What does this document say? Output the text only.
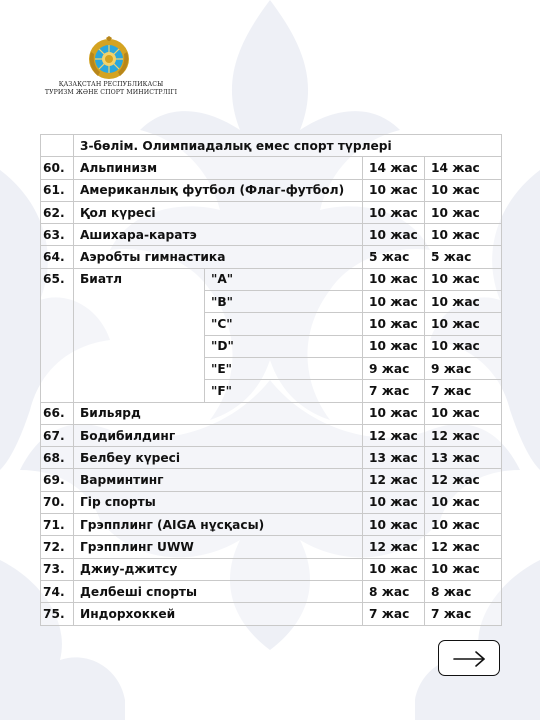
ҚАЗАҚСТАН РЕСПУБЛИКАСЫ
ТУРИЗМ ЖӘНЕ СПОРТ МИНИСТРЛІГІ
	3-бөлім. Олимпиадалық емес спорт түрлері			
60.	Альпинизм		14 жас	14 жас
61.	Американлық футбол (Флаг-футбол)		10 жас	10 жас
62.	Қол күресі		10 жас	10 жас
63.	Ашихара-каратэ		10 жас	10 жас
64.	Аэробты гимнастика		5 жас	5 жас
65.	Биатл	"A"	10 жас	10 жас
		"B"	10 жас	10 жас
		"C"	10 жас	10 жас
		"D"	10 жас	10 жас
		"E"	9 жас	9 жас
		"F"	7 жас	7 жас
66.	Бильярд		10 жас	10 жас
67.	Бодибилдинг		12 жас	12 жас
68.	Белбеу күресі		13 жас	13 жас
69.	Варминтинг		12 жас	12 жас
70.	Гір спорты		10 жас	10 жас
71.	Грэпплинг (AIGA нұсқасы)		10 жас	10 жас
72.	Грэпплинг UWW		12 жас	12 жас
73.	Джиу-джитсу		10 жас	10 жас
74.	Делбеші спорты		8 жас	8 жас
75.	Индорхоккей		7 жас	7 жас
